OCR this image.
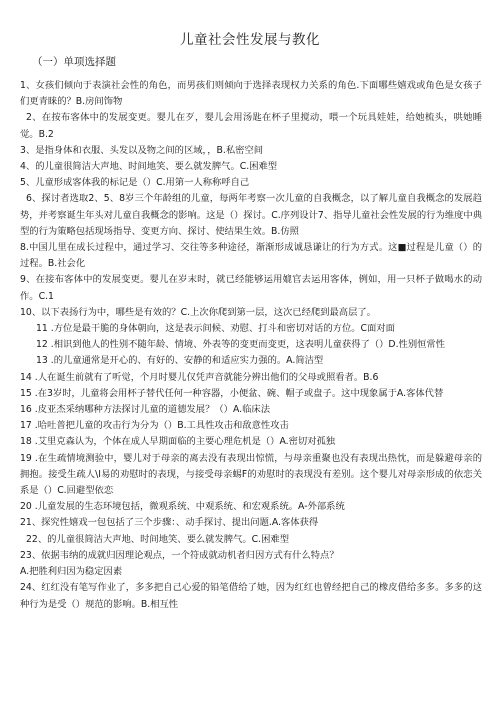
儿童社会性发展与教化
（一）单项选择题

1、女孩们倾向于表演社会性的角色，而男孩们则倾向于选择表现权力关系的角色.下面哪些嬉戏或角色是女孩子们更青睐的？B.房间饰物

2、在按布客体中的发展变更。婴儿在歹，婴儿会用汤匙在杯子里搅动，喂一个玩具娃娃，给她梳头，哄她睡觉。B.2

3、是指身体和衣服、头发以及物之间的区域，，B.私密空间

4、的儿童很简洁大声地、时间地笑、要么就发脾气。C.困难型

5、儿童形成客体我的标记是（）C.用第一人称称呼自己

6、探讨者选取2、5、8岁三个年龄组的儿童，每两年考察一次儿童的自我概念，以了解儿童自我概念的发展趋势，并考察诞生年头对儿童自我概念的影响。这是（）探讨。C.序列设计7、指导儿童社会性发展的行为维度中典型的行为策略包括现场指导、变更方向、探讨、使结果生效。B.仿照

8.中国儿里在成长过程中，通过学习、交往等多种途径，渐渐形成诚恳谦让的行为方式。这■过程是儿童（）的过程。B.社会化

9、在接布客体中的发展变更。婴儿在岁末时，就已经能够运用媲官去运用客体，例如，用一只杯子做喝水的动作。C.1

10、以下表扬行为中，哪些是有效的？C.上次你爬到第一层，这次已经爬到最高层了。

11 .方位是最干脆的身体朝向，这是表示间候、劝慰、打斗和密切对话的方位。C面对面

12 .相识到他人的性别不随年龄、情境、外表等的变更而变更，这表明儿童获得了（）D.性别恒常性

13 .的儿童通常是开心的、有好的、安静的和适应实力强的。A.简洁型

14 .人在诞生前就有了听觉，个月时婴儿仅凭声音就能分辨出他们的父母或照看者。B.6

15 .在3岁时，儿童将会用杯子替代任何一种容器，小便盆、碗、帽子或盘子。这中现象属于A.客体代替

16 .皮亚杰采纳哪种方法探讨儿童的道德发展？（）A.临床法

17 .哈吐普把儿童的攻击行为分为（）B.工具性攻击和敌意性攻击

18 .艾里克森认为，个体在成人早期面临的主要心理危机是（）A.密切对孤独

19 .在生疏情境测验中，婴儿对于母亲的离去没有表现出惊慌，与母亲重聚也没有表现出热忱，而是躲避母亲的拥抱。接受生疏人\I易的劝慰时的表现，与接受母亲蜴F的劝慰时的表现没有差别。这个婴儿对母亲形成的依恋关系是（）C.回避型依恋

20 .儿童发展的生态环境包括，微观系统、中观系统、和宏观系统。A-外部系统

21、探究性嬉戏一包包括了三个步骤：、动手探讨、提出问题.A.客体获得

22、的儿童很简洁大声地、时间地笑、要么就发脾气。C.困难型

23、依据韦纳的成就归因理论观点，一个符成就动机者归因方式有什么特点？

A.把胜利归因为稳定因素

24、红红没有笔写作业了，多多把自己心爱的铅笔借给了她，因为红红也曾经把自己的橡皮借给多多。多多的这种行为是受（）规范的影响。B.相互性
